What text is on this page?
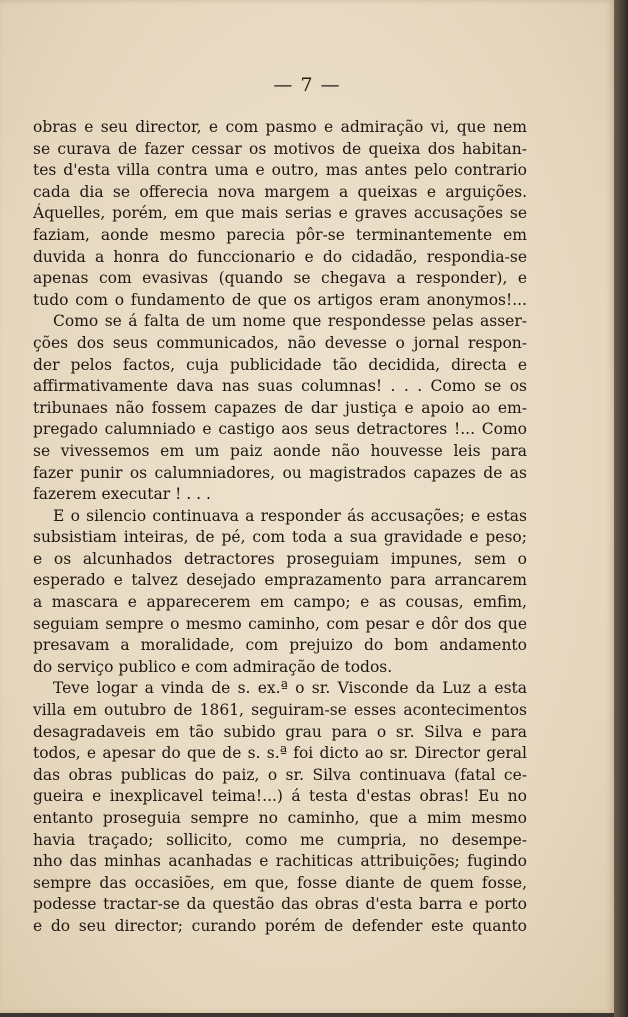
— 7 —
obras e seu director, e com pasmo e admiração vi, que nem
se curava de fazer cessar os motivos de queixa dos habitan-
tes d'esta villa contra uma e outro, mas antes pelo contrario
cada dia se offerecia nova margem a queixas e arguições.
Áquelles, porém, em que mais serias e graves accusações se
faziam, aonde mesmo parecia pôr-se terminantemente em
duvida a honra do funccionario e do cidadão, respondia-se
apenas com evasivas (quando se chegava a responder), e
tudo com o fundamento de que os artigos eram anonymos!...
Como se á falta de um nome que respondesse pelas asser-
ções dos seus communicados, não devesse o jornal respon-
der pelos factos, cuja publicidade tão decidida, directa e
affirmativamente dava nas suas columnas! . . . Como se os
tribunaes não fossem capazes de dar justiça e apoio ao em-
pregado calumniado e castigo aos seus detractores !... Como
se vivessemos em um paiz aonde não houvesse leis para
fazer punir os calumniadores, ou magistrados capazes de as
fazerem executar ! . . .
E o silencio continuava a responder ás accusações; e estas
subsistiam inteiras, de pé, com toda a sua gravidade e peso;
e os alcunhados detractores proseguiam impunes, sem o
esperado e talvez desejado emprazamento para arrancarem
a mascara e apparecerem em campo; e as cousas, emfim,
seguiam sempre o mesmo caminho, com pesar e dôr dos que
presavam a moralidade, com prejuizo do bom andamento
do serviço publico e com admiração de todos.
Teve logar a vinda de s. ex.ª o sr. Visconde da Luz a esta
villa em outubro de 1861, seguiram-se esses acontecimentos
desagradaveis em tão subido grau para o sr. Silva e para
todos, e apesar do que de s. s.ª foi dicto ao sr. Director geral
das obras publicas do paiz, o sr. Silva continuava (fatal ce-
gueira e inexplicavel teima!...) á testa d'estas obras! Eu no
entanto proseguia sempre no caminho, que a mim mesmo
havia traçado; sollicito, como me cumpria, no desempe-
nho das minhas acanhadas e rachiticas attribuições; fugindo
sempre das occasiões, em que, fosse diante de quem fosse,
podesse tractar-se da questão das obras d'esta barra e porto
e do seu director; curando porém de defender este quanto
